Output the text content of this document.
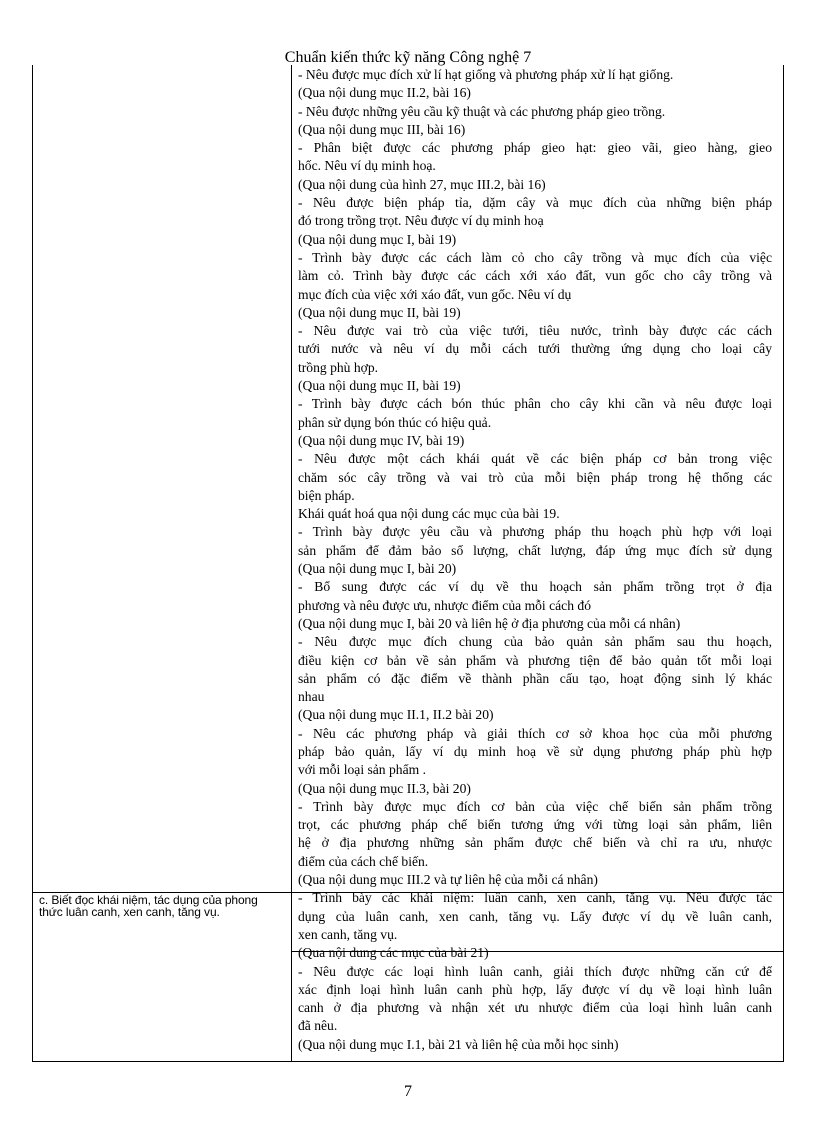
Chuẩn kiến thức kỹ năng Công nghệ 7
c. Biết đọc khái niệm, tác dụng của phong thức luân canh, xen canh, tăng vụ.
- Nêu được mục đích xử lí hạt giống và phương pháp xử lí hạt giống.
(Qua nội dung mục II.2, bài 16)
- Nêu được những yêu cầu kỹ thuật và các phương pháp gieo trồng.
(Qua nội dung mục III, bài 16)
- Phân biệt được các phương pháp gieo hạt: gieo vãi, gieo hàng, gieo
hốc. Nêu ví dụ minh hoạ.
(Qua nội dung của hình 27, mục III.2, bài 16)
- Nêu được biện pháp tỉa, dặm cây và mục đích của những biện pháp
đó trong trồng trọt. Nêu được ví dụ minh hoạ
(Qua nội dung mục I, bài 19)
- Trình bày được các cách làm cỏ cho cây trồng và mục đích của việc
làm cỏ. Trình bày được các cách xới xáo đất, vun gốc cho cây trồng và
mục đích của việc xới xáo đất, vun gốc. Nêu ví dụ
(Qua nội dung mục II, bài 19)
- Nêu được vai trò của việc tưới, tiêu nước, trình bày được các cách
tưới nước và nêu ví dụ mỗi cách tưới thường ứng dụng cho loại cây
trồng phù hợp.
(Qua nội dung mục II, bài 19)
- Trình bày được cách bón thúc phân cho cây khi cần và nêu được loại
phân sử dụng bón thúc có hiệu quả.
(Qua nội dung mục IV, bài 19)
- Nêu được một cách khái quát về các biện pháp cơ bản trong việc
chăm sóc cây trồng và vai trò của mỗi biện pháp trong hệ thống các
biện pháp.
Khái quát hoá qua nội dung các mục của bài 19.
- Trình bày được yêu cầu và phương pháp thu hoạch phù hợp với loại
sản phẩm để đảm bảo số lượng, chất lượng, đáp ứng mục đích sử dụng
(Qua nội dung mục I, bài 20)
- Bổ sung được các ví dụ về thu hoạch sản phẩm trồng trọt ở địa
phương và nêu được ưu, nhược điểm của mỗi cách đó
(Qua nội dung mục I, bài 20 và liên hệ ở địa phương của mỗi cá nhân)
- Nêu được mục đích chung của bảo quản sản phẩm sau thu hoạch,
điều kiện cơ bản về sản phẩm và phương tiện để bảo quản tốt mỗi loại
sản phẩm có đặc điểm về thành phần cấu tạo, hoạt động sinh lý khác
nhau
(Qua nội dung mục II.1, II.2 bài 20)
- Nêu các phương pháp và giải thích cơ sở khoa học của mỗi phương
pháp bảo quản, lấy ví dụ minh hoạ về sử dụng phương pháp phù hợp
với mỗi loại sản phẩm .
(Qua nội dung mục II.3, bài 20)
- Trình bày được mục đích cơ bản của việc chế biến sản phẩm trồng
trọt, các phương pháp chế biến tương ứng với từng loại sản phẩm, liên
hệ ở địa phương những sản phẩm được chế biến và chỉ ra ưu, nhược
điểm của cách chế biến.
(Qua nội dung mục III.2 và tự liên hệ của mỗi cá nhân)
- Trình bày các khái niệm: luân canh, xen canh, tăng vụ. Nêu được tác
dụng của luân canh, xen canh, tăng vụ. Lấy được ví dụ về luân canh,
xen canh, tăng vụ.
(Qua nội dung các mục của bài 21)
- Nêu được các loại hình luân canh, giải thích được những căn cứ để
xác định loại hình luân canh phù hợp, lấy được ví dụ về loại hình luân
canh ở địa phương và nhận xét ưu nhược điểm của loại hình luân canh
đã nêu.
(Qua nội dung mục I.1, bài 21 và liên hệ của mỗi học sinh)
7
